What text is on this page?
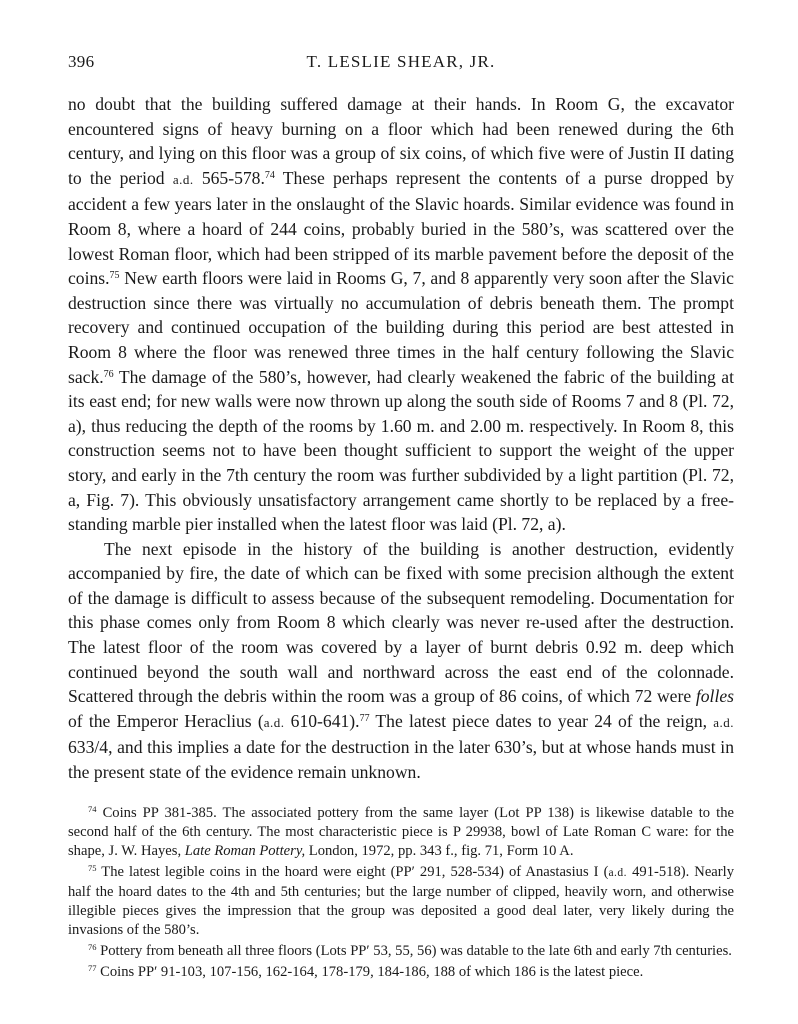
396	T. LESLIE SHEAR, JR.

no doubt that the building suffered damage at their hands. In Room G, the excavator encountered signs of heavy burning on a floor which had been renewed during the 6th century, and lying on this floor was a group of six coins, of which five were of Justin II dating to the period a.d. 565-578.74 These perhaps represent the contents of a purse dropped by accident a few years later in the onslaught of the Slavic hoards. Similar evidence was found in Room 8, where a hoard of 244 coins, probably buried in the 580’s, was scattered over the lowest Roman floor, which had been stripped of its marble pavement before the deposit of the coins.$^{75}$ New earth floors were laid in Rooms G, 7, and 8 apparently very soon after the Slavic destruction since there was virtually no accumulation of debris beneath them. The prompt recovery and continued occupation of the building during this period are best attested in Room 8 where the floor was renewed three times in the half century following the Slavic sack.$^{76}$ The damage of the 580’s, however, had clearly weakened the fabric of the building at its east end; for new walls were now thrown up along the south side of Rooms 7 and 8 (Pl. 72, a), thus reducing the depth of the rooms by 1.60 m. and 2.00 m. respectively. In Room 8, this construction seems not to have been thought sufficient to support the weight of the upper story, and early in the 7th century the room was further subdivided by a light partition (Pl. 72, a, Fig. 7). This obviously unsatisfactory arrangement came shortly to be replaced by a free-standing marble pier installed when the latest floor was laid (Pl. 72, a).

The next episode in the history of the building is another destruction, evidently accompanied by fire, the date of which can be fixed with some precision although the extent of the damage is difficult to assess because of the subsequent remodeling. Documentation for this phase comes only from Room 8 which clearly was never re-used after the destruction. The latest floor of the room was covered by a layer of burnt debris 0.92 m. deep which continued beyond the south wall and northward across the east end of the colonnade. Scattered through the debris within the room was a group of 86 coins, of which 72 were folles of the Emperor Heraclius (a.d. 610-641).$^{77}$ The latest piece dates to year 24 of the reign, a.d. 633/4, and this implies a date for the destruction in the later 630’s, but at whose hands must in the present state of the evidence remain unknown.

$^{74}$ Coins PP 381-385. The associated pottery from the same layer (Lot PP 138) is likewise datable to the second half of the 6th century. The most characteristic piece is P 29938, bowl of Late Roman C ware: for the shape, J. W. Hayes, Late Roman Pottery, London, 1972, pp. 343 f., fig. 71, Form 10 A.

$^{75}$ The latest legible coins in the hoard were eight (PP′ 291, 528-534) of Anastasius I (a.d. 491-518). Nearly half the hoard dates to the 4th and 5th centuries; but the large number of clipped, heavily worn, and otherwise illegible pieces gives the impression that the group was deposited a good deal later, very likely during the invasions of the 580’s.

$^{76}$ Pottery from beneath all three floors (Lots PP′ 53, 55, 56) was datable to the late 6th and early 7th centuries.

$^{77}$ Coins PP′ 91-103, 107-156, 162-164, 178-179, 184-186, 188 of which 186 is the latest piece.
